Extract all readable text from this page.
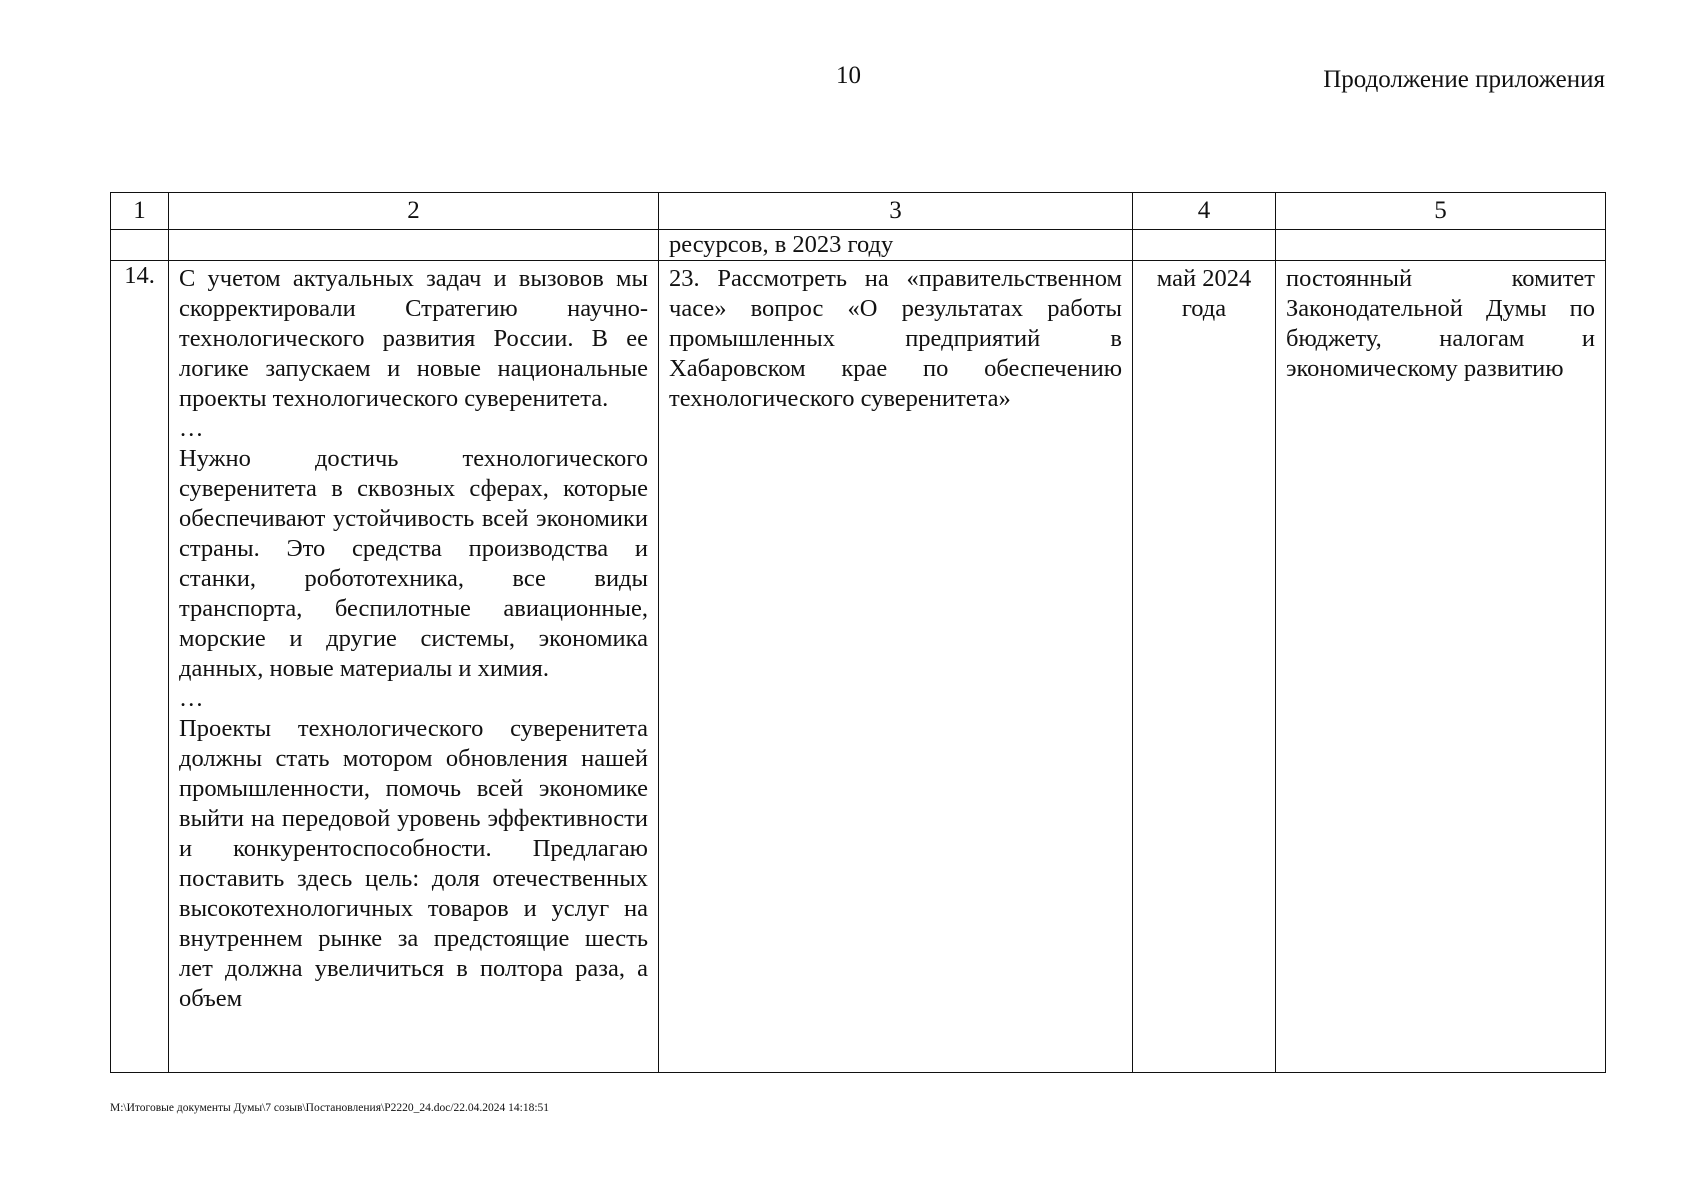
10	Продолжение приложения
1	2	3	4	5
		ресурсов, в 2023 году		
14.	С учетом актуальных задач и вызовов мы скорректировали Стратегию научно-технологического развития России. В ее логике запускаем и новые национальные проекты технологического суверенитета.

…

Нужно достичь технологического суверенитета в сквозных сферах, которые обеспечивают устойчивость всей экономики страны. Это средства производства и станки, робототехника, все виды транспорта, беспилотные авиационные, морские и другие системы, экономика данных, новые материалы и химия.

…

Проекты технологического суверенитета должны стать мотором обновления нашей промышленности, помочь всей экономике выйти на передовой уровень эффективности и конкурентоспособности. Предлагаю поставить здесь цель: доля отечественных высокотехнологичных товаров и услуг на внутреннем рынке за предстоящие шесть лет должна увеличиться в полтора раза, а объем	23. Рассмотреть на «правительственном часе» вопрос «О результатах работы промышленных предприятий в Хабаровском крае по обеспечению технологического суверенитета»	май 2024 года	постоянный комитет Законодательной Думы по бюджету, налогам и экономическому развитию
M:\Итоговые документы Думы\7 созыв\Постановления\Р2220_24.doc/22.04.2024 14:18:51
